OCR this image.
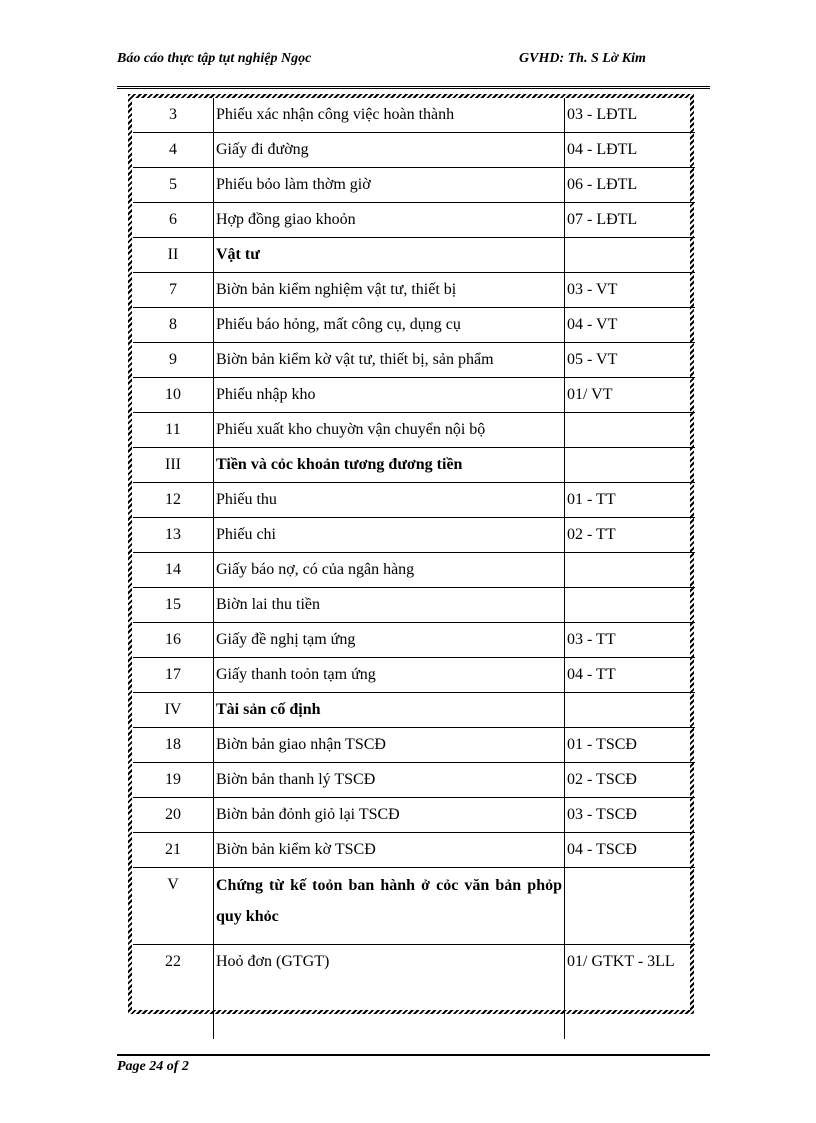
Báo cáo thực tập tụt nghiệp Ngọc	GVHD: Th. S Lờ Kim
3	Phiếu xác nhận công việc hoàn thành	03 - LĐTL
4	Giấy đi đường	04 - LĐTL
5	Phiếu bỏo làm thờm giờ	06 - LĐTL
6	Hợp đồng giao khoỏn	07 - LĐTL
II	Vật tư	
7	Biờn bản kiểm nghiệm vật tư, thiết bị	03 - VT
8	Phiếu báo hỏng, mất công cụ, dụng cụ	04 - VT
9	Biờn bản kiểm kờ vật tư, thiết bị, sản phẩm	05 - VT
10	Phiếu nhập kho	01/ VT
11	Phiếu xuất kho chuyờn vận chuyển nội bộ	
III	Tiền và cỏc khoản tương đương tiền	
12	Phiếu thu	01 - TT
13	Phiếu chi	02 - TT
14	Giấy báo nợ, có của ngân hàng	
15	Biờn lai thu tiền	
16	Giấy đề nghị tạm ứng	03 - TT
17	Giấy thanh toỏn tạm ứng	04 - TT
IV	Tài sản cố định	
18	Biờn bản giao nhận TSCĐ	01 - TSCĐ
19	Biờn bản thanh lý TSCĐ	02 - TSCĐ
20	Biờn bản đỏnh giỏ lại TSCĐ	03 - TSCĐ
21	Biờn bản kiểm kờ TSCĐ	04 - TSCĐ
V	Chứng từ kế toỏn ban hành ở cỏc văn bản phỏp quy khỏc	
22	Hoỏ đơn (GTGT)	01/ GTKT - 3LL
Page 24 of 2
